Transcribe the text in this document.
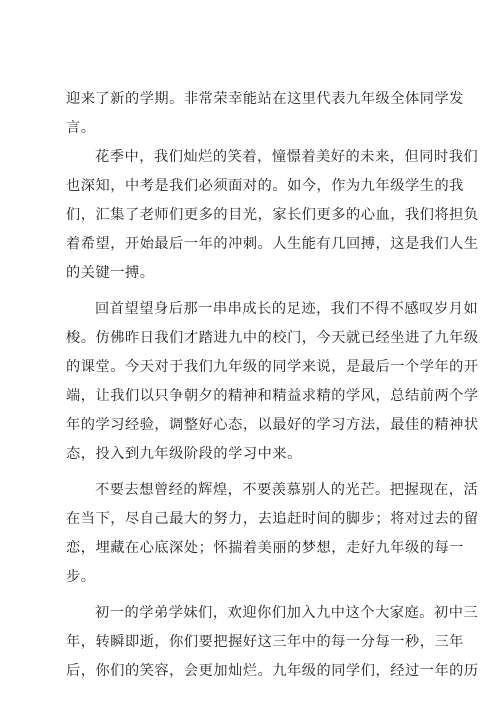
迎来了新的学期。非常荣幸能站在这里代表九年级全体同学发
言。
花季中，我们灿烂的笑着，憧憬着美好的未来，但同时我们
也深知，中考是我们必须面对的。如今，作为九年级学生的我
们，汇集了老师们更多的目光，家长们更多的心血，我们将担负
着希望，开始最后一年的冲刺。人生能有几回搏，这是我们人生
的关键一搏。
回首望望身后那一串串成长的足迹，我们不得不感叹岁月如
梭。仿佛昨日我们才踏进九中的校门，今天就已经坐进了九年级
的课堂。今天对于我们九年级的同学来说，是最后一个学年的开
端，让我们以只争朝夕的精神和精益求精的学风，总结前两个学
年的学习经验，调整好心态，以最好的学习方法，最佳的精神状
态，投入到九年级阶段的学习中来。
不要去想曾经的辉煌，不要羡慕别人的光芒。把握现在，活
在当下，尽自己最大的努力，去追赶时间的脚步；将对过去的留
恋，埋藏在心底深处；怀揣着美丽的梦想，走好九年级的每一
步。
初一的学弟学妹们，欢迎你们加入九中这个大家庭。初中三
年，转瞬即逝，你们要把握好这三年中的每一分每一秒，三年
后，你们的笑容，会更加灿烂。九年级的同学们，经过一年的历
